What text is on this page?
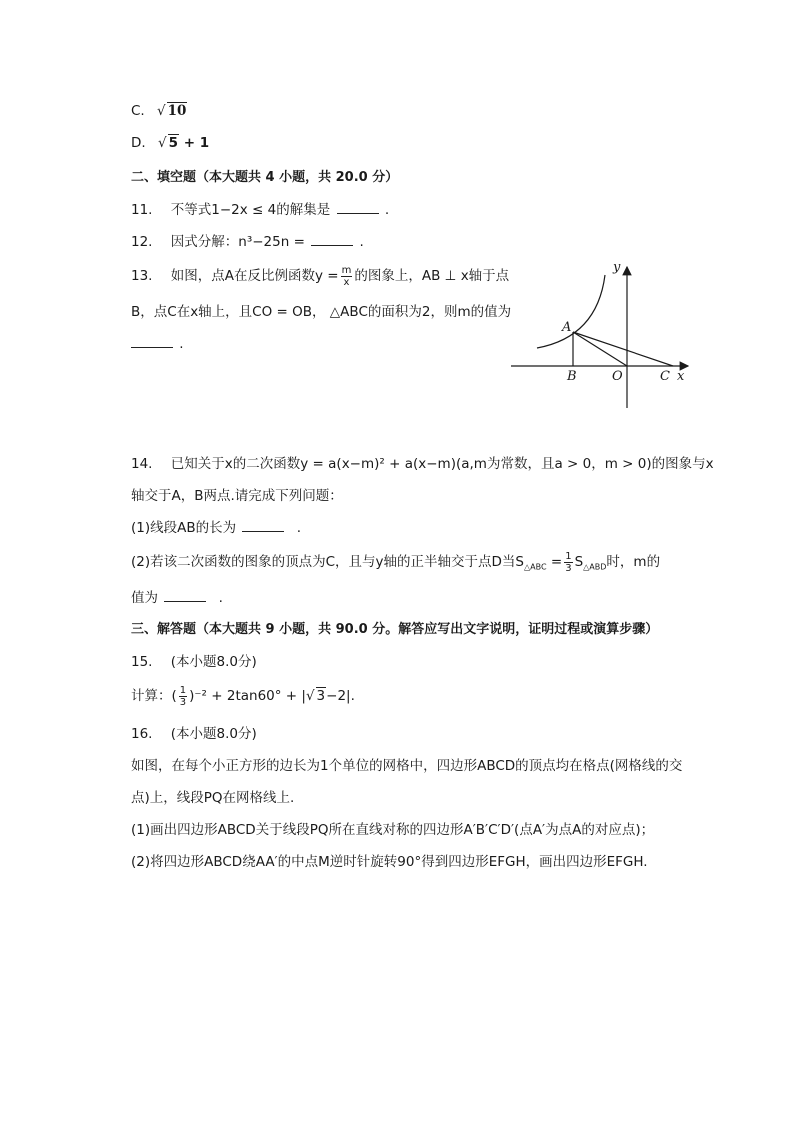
C. √ 10
D. √ 5 + 1
二、填空题（本大题共 4 小题，共 20.0 分）
11. 不等式1−2x ≤ 4的解集是	.
12. 因式分解：n³−25n =	.
13. 如图，点A在反比例函数$y = \frac{m}{x}$ 的图象上，AB ⊥ x轴于点
B，点C在x轴上，且CO = OB， △ABC的面积为2，则m的值为
.
y
x
A
B	O	C
14. 已知关于x的二次函数y = a(x−m)² + a(x−m)(a,m为常数，且a > 0，m > 0)的图象与x
轴交于A，B两点.请完成下列问题：
(1)线段AB的长为	.
(2)若该二次函数的图象的顶点为C，且与y轴的正半轴交于点D当$S_{\triangle ABC} = \frac{1}{3} S_{\triangle ABD}$时，m的
值为	.
三、解答题（本大题共 9 小题，共 90.0 分。解答应写出文字说明，证明过程或演算步骤）
15. (本小题8.0分)
计算：( $\frac{1}{3} )^{-2} + 2\tan 60^\circ$ + |√ 3−2|.
16. (本小题8.0分)
如图，在每个小正方形的边长为1个单位的网格中，四边形ABCD的顶点均在格点(网格线的交
点)上，线段PQ在网格线上.
(1)画出四边形ABCD关于线段PQ所在直线对称的四边形A′B′C′D′(点A′为点A的对应点)；
(2)将四边形ABCD绕AA′的中点M逆时针旋转90°得到四边形EFGH，画出四边形EFGH.
